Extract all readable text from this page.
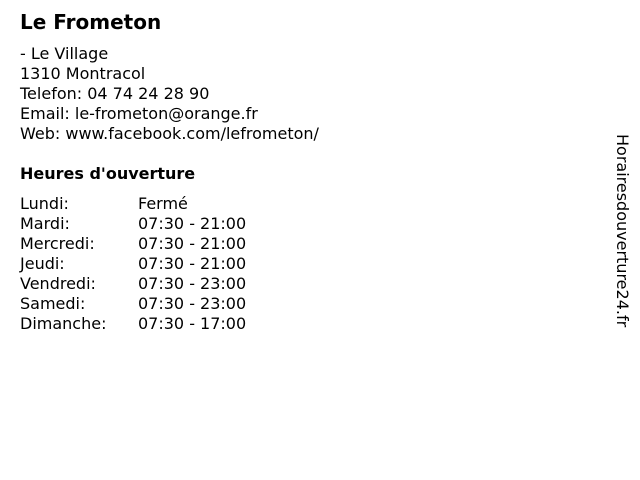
Le Frometon
- Le Village
1310 Montracol
Telefon: 04 74 24 28 90
Email: le-frometon@orange.fr
Web: www.facebook.com/lefrometon/
Heures d'ouverture
Lundi:	Fermé
Mardi:	07:30 - 21:00
Mercredi:	07:30 - 21:00
Jeudi:	07:30 - 21:00
Vendredi:	07:30 - 23:00
Samedi:	07:30 - 23:00
Dimanche:	07:30 - 17:00	Horairesdouverture24.fr
